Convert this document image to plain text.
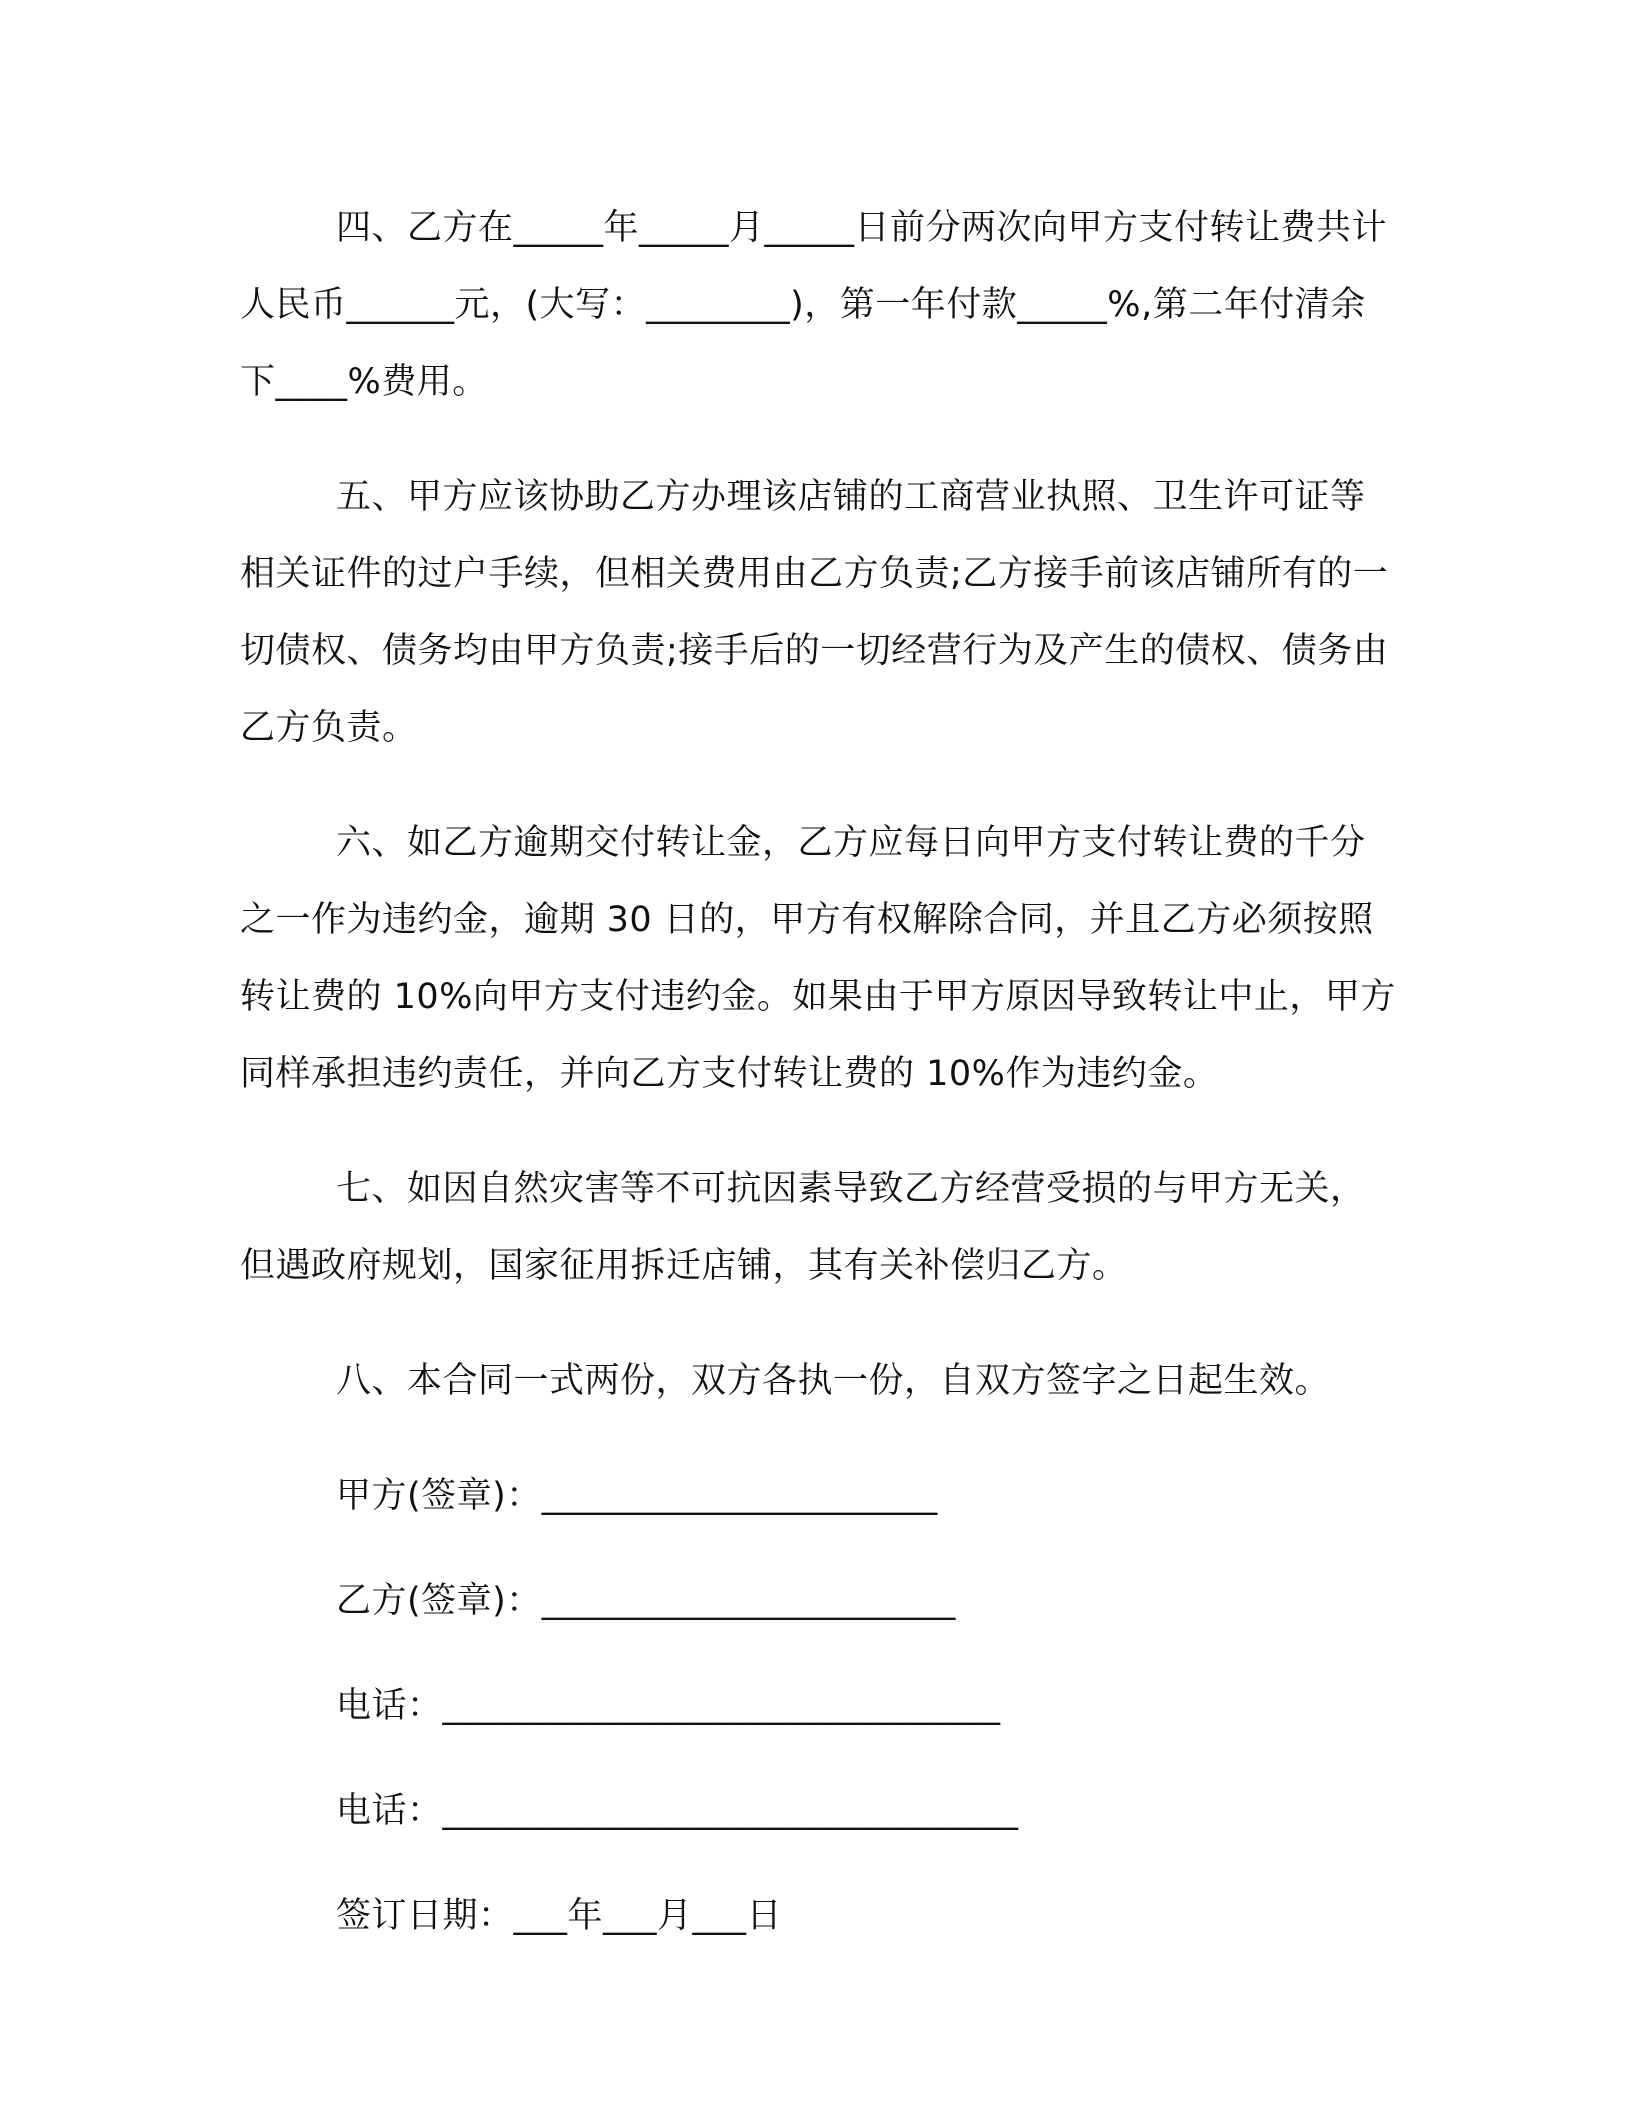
四、乙方在_____年_____月_____日前分两次向甲方支付转让费共计人民币______元，(大写：________)，第一年付款_____%,第二年付清余下____%费用。

五、甲方应该协助乙方办理该店铺的工商营业执照、卫生许可证等相关证件的过户手续，但相关费用由乙方负责;乙方接手前该店铺所有的一切债权、债务均由甲方负责;接手后的一切经营行为及产生的债权、债务由乙方负责。

六、如乙方逾期交付转让金，乙方应每日向甲方支付转让费的千分之一作为违约金，逾期 30 日的，甲方有权解除合同，并且乙方必须按照转让费的 10%向甲方支付违约金。如果由于甲方原因导致转让中止，甲方同样承担违约责任，并向乙方支付转让费的 10%作为违约金。

七、如因自然灾害等不可抗因素导致乙方经营受损的与甲方无关，但遇政府规划，国家征用拆迁店铺，其有关补偿归乙方。

八、本合同一式两份，双方各执一份，自双方签字之日起生效。

甲方(签章)：______________________
乙方(签章)：_______________________
电话：_______________________________
电话：________________________________
签订日期：___年___月___日
